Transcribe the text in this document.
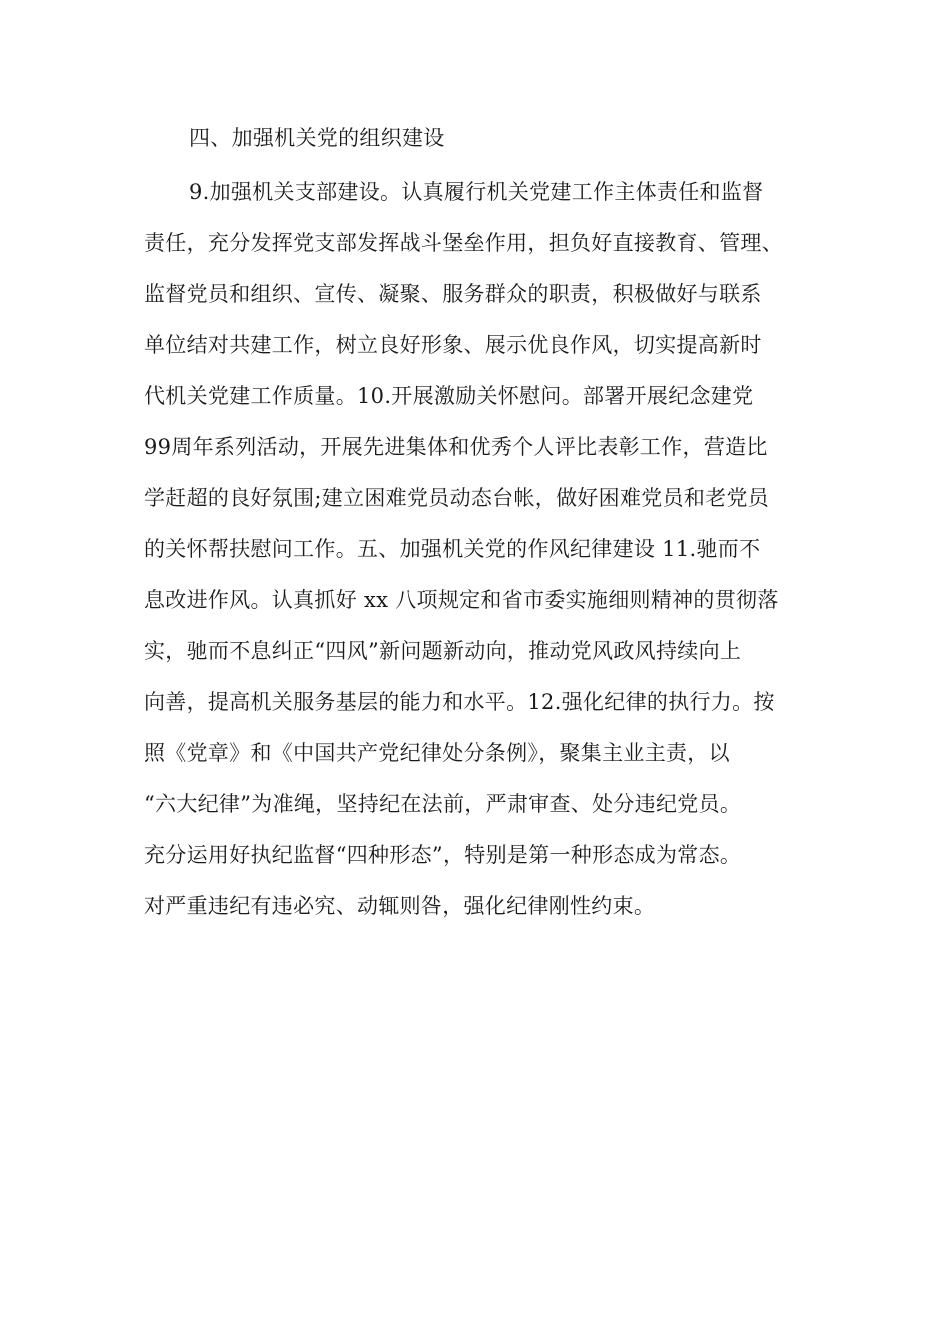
四、加强机关党的组织建设
9.加强机关支部建设。认真履行机关党建工作主体责任和监督
责任，充分发挥党支部发挥战斗堡垒作用，担负好直接教育、管理、
监督党员和组织、宣传、凝聚、服务群众的职责，积极做好与联系
单位结对共建工作，树立良好形象、展示优良作风，切实提高新时
代机关党建工作质量。10.开展激励关怀慰问。部署开展纪念建党
99周年系列活动，开展先进集体和优秀个人评比表彰工作，营造比
学赶超的良好氛围;建立困难党员动态台帐，做好困难党员和老党员
的关怀帮扶慰问工作。五、加强机关党的作风纪律建设 11.驰而不
息改进作风。认真抓好 xx 八项规定和省市委实施细则精神的贯彻落
实，驰而不息纠正“四风”新问题新动向，推动党风政风持续向上
向善，提高机关服务基层的能力和水平。12.强化纪律的执行力。按
照《党章》和《中国共产党纪律处分条例》，聚集主业主责，以
“六大纪律”为准绳，坚持纪在法前，严肃审查、处分违纪党员。
充分运用好执纪监督“四种形态”，特别是第一种形态成为常态。
对严重违纪有违必究、动辄则咎，强化纪律刚性约束。
